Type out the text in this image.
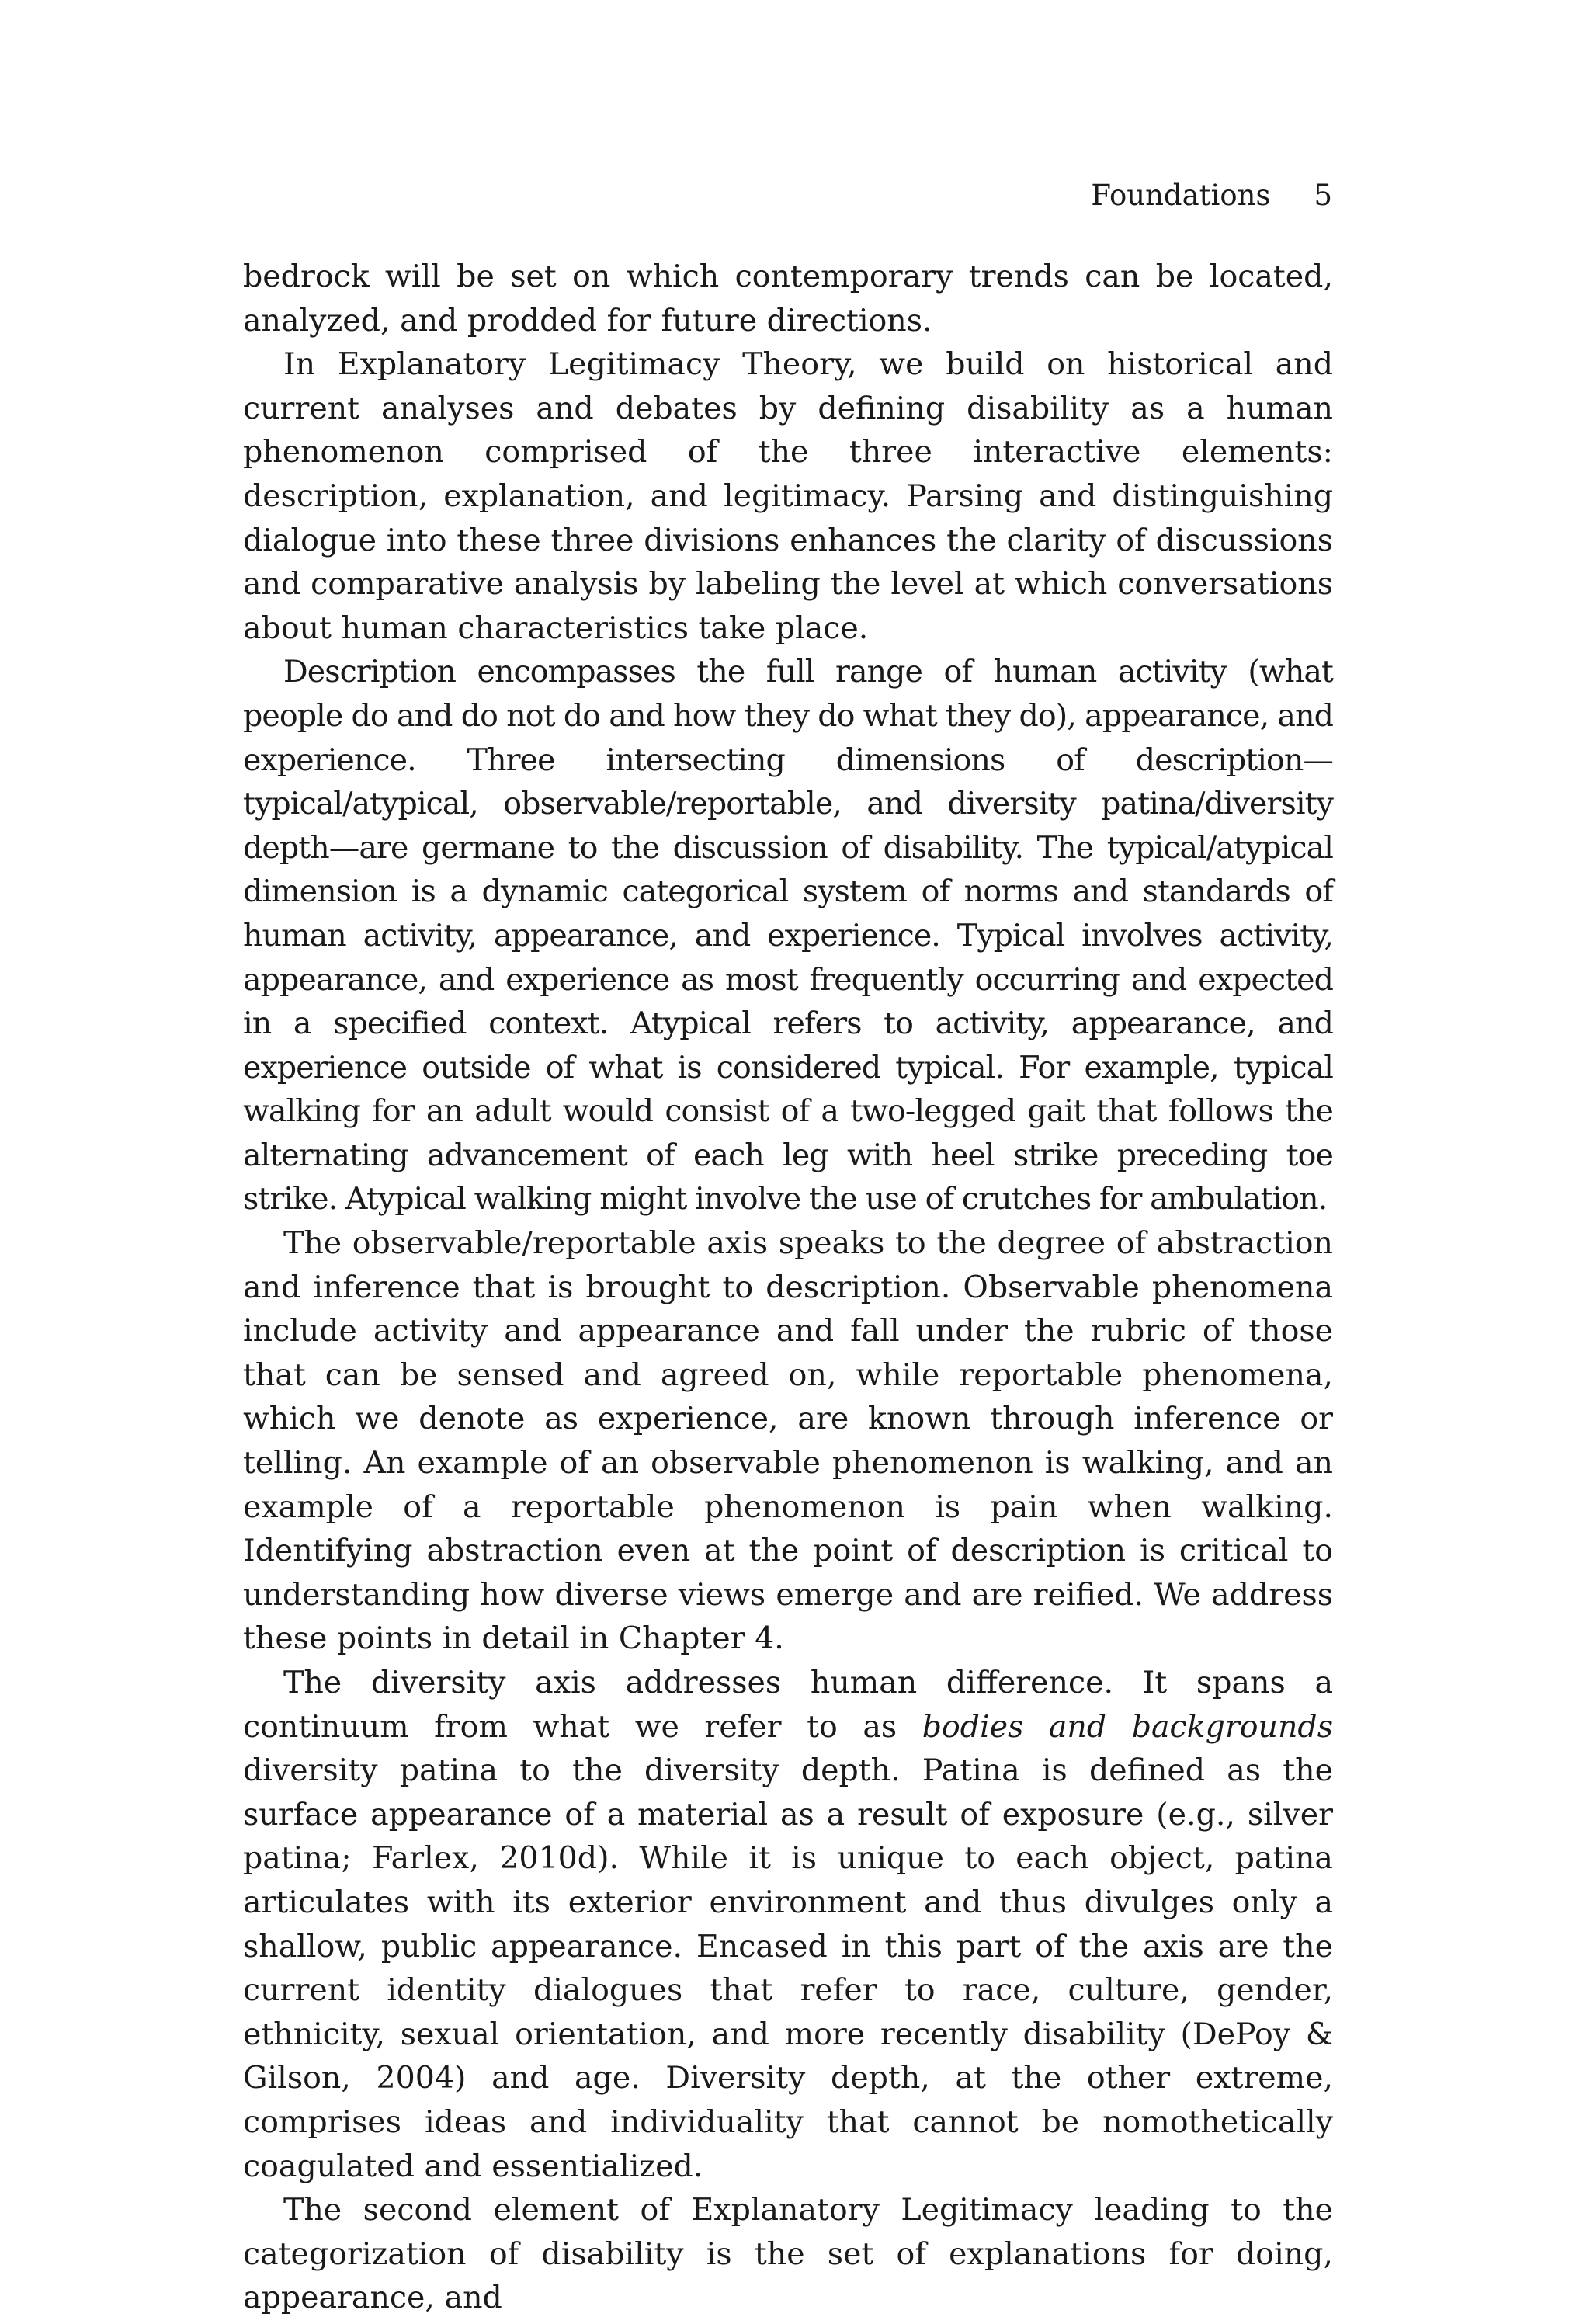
Foundations 5

bedrock will be set on which contemporary trends can be located, analyzed, and prodded for future directions.

In Explanatory Legitimacy Theory, we build on historical and current analyses and debates by defining disability as a human phenomenon comprised of the three interactive elements: description, explanation, and legitimacy. Parsing and distinguishing dialogue into these three divisions enhances the clarity of discussions and comparative analysis by labeling the level at which conversations about human characteristics take place.

Description encompasses the full range of human activity (what people do and do not do and how they do what they do), appearance, and experience. Three intersecting dimensions of description—typical/atypical, observable/reportable, and diversity patina/diversity depth—are germane to the discussion of disability. The typical/atypical dimension is a dynamic categorical system of norms and standards of human activity, appearance, and experience. Typical involves activity, appearance, and experience as most frequently occurring and expected in a specified context. Atypical refers to activity, appearance, and experience outside of what is considered typical. For example, typical walking for an adult would consist of a two-legged gait that follows the alternating advancement of each leg with heel strike preceding toe strike. Atypical walking might involve the use of crutches for ambulation.

The observable/reportable axis speaks to the degree of abstraction and inference that is brought to description. Observable phenomena include activity and appearance and fall under the rubric of those that can be sensed and agreed on, while reportable phenomena, which we denote as experience, are known through inference or telling. An example of an observable phenomenon is walking, and an example of a reportable phenomenon is pain when walking. Identifying abstraction even at the point of description is critical to understanding how diverse views emerge and are reified. We address these points in detail in Chapter 4.

The diversity axis addresses human difference. It spans a continuum from what we refer to as bodies and backgrounds diversity patina to the diversity depth. Patina is defined as the surface appearance of a material as a result of exposure (e.g., silver patina; Farlex, 2010d). While it is unique to each object, patina articulates with its exterior environment and thus divulges only a shallow, public appearance. Encased in this part of the axis are the current identity dialogues that refer to race, culture, gender, ethnicity, sexual orientation, and more recently disability (DePoy & Gilson, 2004) and age. Diversity depth, at the other extreme, comprises ideas and individuality that cannot be nomothetically coagulated and essentialized.

The second element of Explanatory Legitimacy leading to the categorization of disability is the set of explanations for doing, appearance, and
